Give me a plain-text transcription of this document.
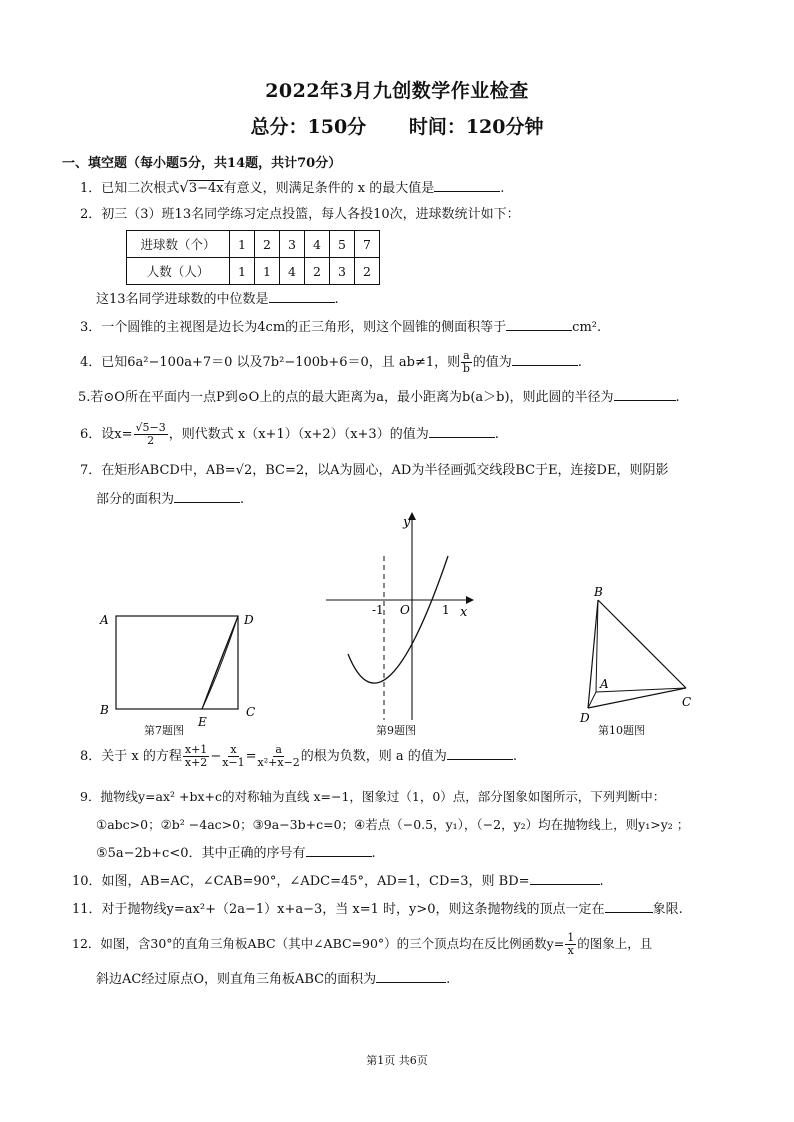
2022年3月九创数学作业检查
总分：150分 时间：120分钟
一、填空题（每小题5分，共14题，共计70分）
1．已知二次根式√3−4x有意义，则满足条件的 x 的最大值是	.
2．初三（3）班13名同学练习定点投篮，每人各投10次，进球数统计如下：
进球数（个）	1	2	3	4	5	7
人数（人）	1	1	4	2	3	2
这13名同学进球数的中位数是	.
3．一个圆锥的主视图是边长为4cm的正三角形，则这个圆锥的侧面积等于	cm².
4．已知6a²−100a+7＝0 以及7b²−100b+6＝0，且 ab≠1，则 $\frac{a}{b}$ 的值为	.
5.若⊙O所在平面内一点P到⊙O上的点的最大距离为a，最小距离为b(a＞b)，则此圆的半径为	.
6．设$x= \frac{√5-3}{2}$ ，则代数式 x（x+1）（x+2）（x+3）的值为	.
7．在矩形ABCD中，AB=√2，BC=2，以A为圆心，AD为半径画弧交线段BC于E，连接DE，则阴影
部分的面积为	.
A	D
B	C
E
第7题图
y
x
O
-1	1
第9题图
B
A
C
D
第10题图
8．关于 x 的方程 $\frac{x+1}{x+2} - \frac{x}{x-1} = \frac{a}{\text{x²+x−2}}$ 的根为负数，则 a 的值为	.
9．抛物线y=ax² +bx+c的对称轴为直线 x=−1，图象过（1，0）点，部分图象如图所示，下列判断中：
①abc>0；②b² −4ac>0；③9a−3b+c=0；④若点（−0.5，y₁），（−2，y₂）均在抛物线上，则y₁>y₂ ；
⑤5a−2b+c<0．其中正确的序号有	.
10．如图，AB=AC，∠CAB=90°，∠ADC=45°，AD=1，CD=3，则 BD=	.
11．对于抛物线y=ax²+（2a−1）x+a−3，当 x=1 时，y>0，则这条抛物线的顶点一定在	象限.
12．如图，含30°的直角三角板ABC（其中∠ABC=90°）的三个顶点均在反比例函数$y= \frac{1}{x}$ 的图象上，且
斜边AC经过原点O，则直角三角板ABC的面积为	.
第1页 共6页
